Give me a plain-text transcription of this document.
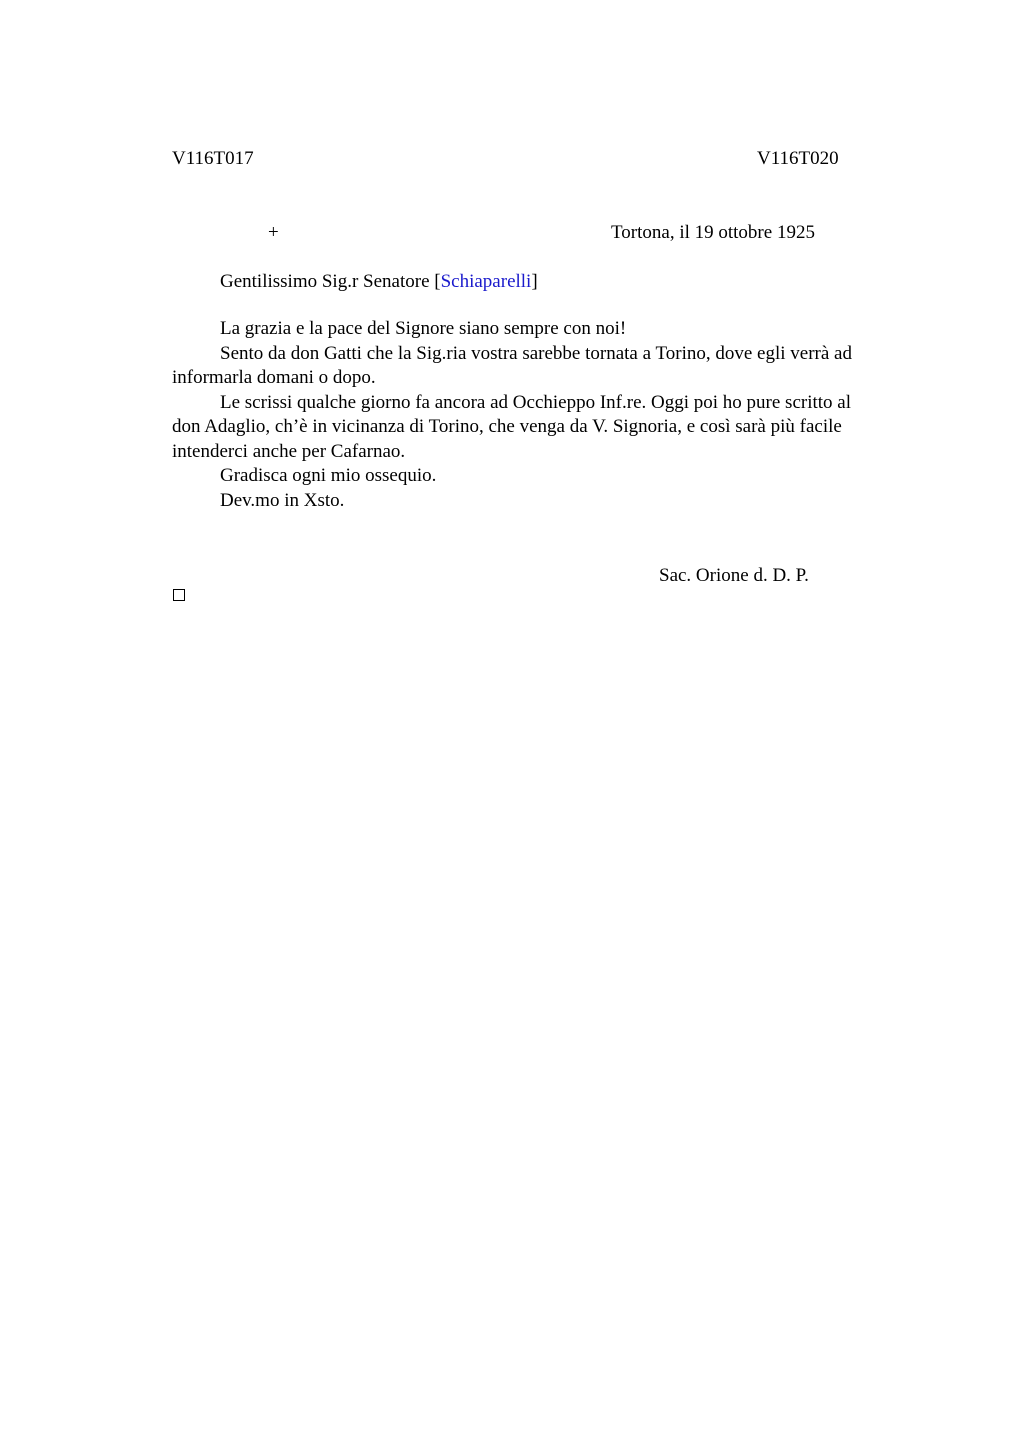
V116T017	V116T020
+	Tortona, il 19 ottobre 1925
Gentilissimo Sig.r Senatore [Schiaparelli]

La grazia e la pace del Signore siano sempre con noi!

Sento da don Gatti che la Sig.ria vostra sarebbe tornata a Torino, dove egli verrà ad informarla domani o dopo.

Le scrissi qualche giorno fa ancora ad Occhieppo Inf.re. Oggi poi ho pure scritto al don Adaglio, ch’è in vicinanza di Torino, che venga da V. Signoria, e così sarà più facile

intenderci anche per Cafarnao.

Gradisca ogni mio ossequio.

Dev.mo in Xsto.

Sac. Orione d. D. P.
